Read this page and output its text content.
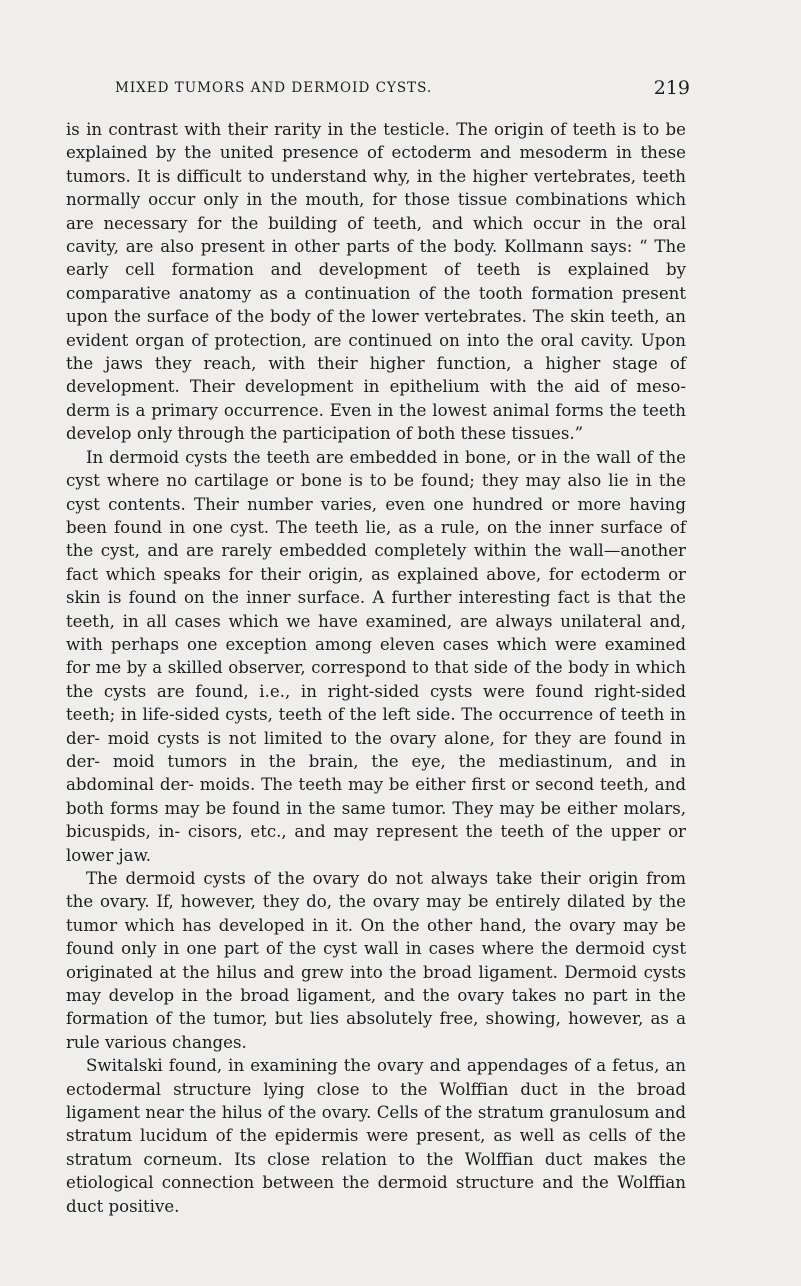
MIXED TUMORS AND DERMOID CYSTS.	219

is in contrast with their rarity in the testicle. The origin of teeth is to be explained by the united presence of ectoderm and mesoderm in these tumors. It is difficult to understand why, in the higher vertebrates, teeth normally occur only in the mouth, for those tissue combinations which are necessary for the building of teeth, and which occur in the oral cavity, are also present in other parts of the body. Kollmann says: “ The early cell formation and development of teeth is explained by comparative anatomy as a continuation of the tooth formation present upon the surface of the body of the lower vertebrates. The skin teeth, an evident organ of protection, are continued on into the oral cavity. Upon the jaws they reach, with their higher function, a higher stage of development. Their development in epithelium with the aid of meso- derm is a primary occurrence. Even in the lowest animal forms the teeth develop only through the participation of both these tissues.”

In dermoid cysts the teeth are embedded in bone, or in the wall of the cyst where no cartilage or bone is to be found; they may also lie in the cyst contents. Their number varies, even one hundred or more having been found in one cyst. The teeth lie, as a rule, on the inner surface of the cyst, and are rarely embedded completely within the wall—another fact which speaks for their origin, as explained above, for ectoderm or skin is found on the inner surface. A further interesting fact is that the teeth, in all cases which we have examined, are always unilateral and, with perhaps one exception among eleven cases which were examined for me by a skilled observer, correspond to that side of the body in which the cysts are found, i.e., in right-sided cysts were found right-sided teeth; in life-sided cysts, teeth of the left side. The occurrence of teeth in der- moid cysts is not limited to the ovary alone, for they are found in der- moid tumors in the brain, the eye, the mediastinum, and in abdominal der- moids. The teeth may be either first or second teeth, and both forms may be found in the same tumor. They may be either molars, bicuspids, in- cisors, etc., and may represent the teeth of the upper or lower jaw.

The dermoid cysts of the ovary do not always take their origin from the ovary. If, however, they do, the ovary may be entirely dilated by the tumor which has developed in it. On the other hand, the ovary may be found only in one part of the cyst wall in cases where the dermoid cyst originated at the hilus and grew into the broad ligament. Dermoid cysts may develop in the broad ligament, and the ovary takes no part in the formation of the tumor, but lies absolutely free, showing, however, as a rule various changes.

Switalski found, in examining the ovary and appendages of a fetus, an ectodermal structure lying close to the Wolffian duct in the broad ligament near the hilus of the ovary. Cells of the stratum granulosum and stratum lucidum of the epidermis were present, as well as cells of the stratum corneum. Its close relation to the Wolffian duct makes the etiological connection between the dermoid structure and the Wolffian duct positive.
